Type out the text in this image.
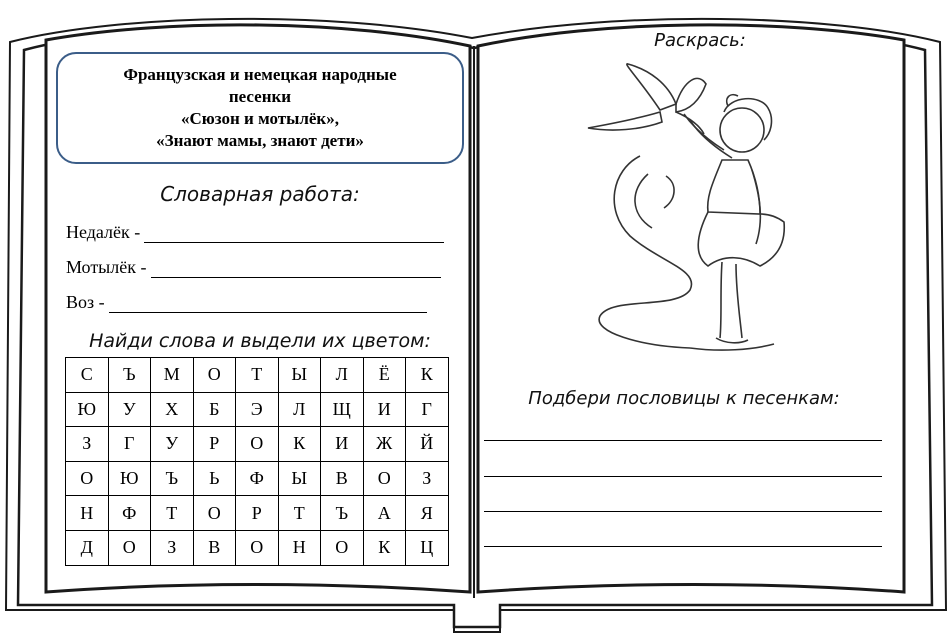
Французская и немецкая народные
песенки
«Сюзон и мотылёк»,
«Знают мамы, знают дети»
Словарная работа:
Недалёк -
Мотылёк -
Воз -
Найди слова и выдели их цветом:
С	Ъ	М	О	Т	Ы	Л	Ё	К
Ю	У	Х	Б	Э	Л	Щ	И	Г
З	Г	У	Р	О	К	И	Ж	Й
О	Ю	Ъ	Ь	Ф	Ы	В	О	З
Н	Ф	Т	О	Р	Т	Ъ	А	Я
Д	О	З	В	О	Н	О	К	Ц
Раскрась:
Подбери пословицы к песенкам:
